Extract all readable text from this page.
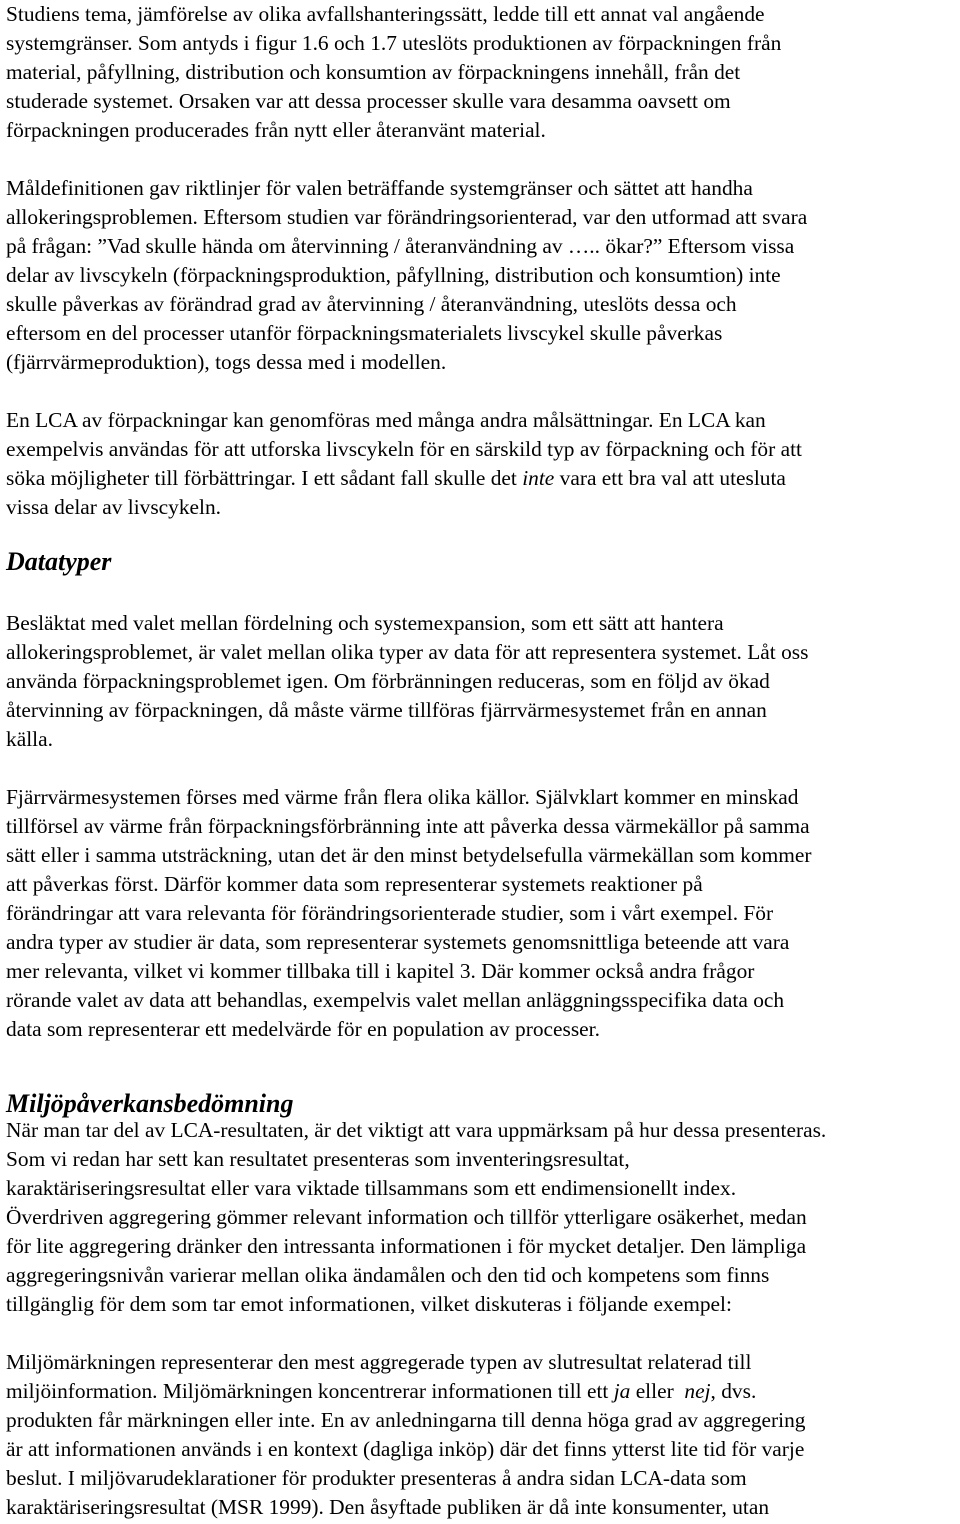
Studiens tema, jämförelse av olika avfallshanteringssätt, ledde till ett annat val angående
systemgränser. Som antyds i figur 1.6 och 1.7 uteslöts produktionen av förpackningen från
material, påfyllning, distribution och konsumtion av förpackningens innehåll, från det
studerade systemet. Orsaken var att dessa processer skulle vara desamma oavsett om
förpackningen producerades från nytt eller återanvänt material.

Måldefinitionen gav riktlinjer för valen beträffande systemgränser och sättet att handha
allokeringsproblemen. Eftersom studien var förändringsorienterad, var den utformad att svara
på frågan: ”Vad skulle hända om återvinning / återanvändning av ….. ökar?” Eftersom vissa
delar av livscykeln (förpackningsproduktion, påfyllning, distribution och konsumtion) inte
skulle påverkas av förändrad grad av återvinning / återanvändning, uteslöts dessa och
eftersom en del processer utanför förpackningsmaterialets livscykel skulle påverkas
(fjärrvärmeproduktion), togs dessa med i modellen.

En LCA av förpackningar kan genomföras med många andra målsättningar. En LCA kan
exempelvis användas för att utforska livscykeln för en särskild typ av förpackning och för att
söka möjligheter till förbättringar. I ett sådant fall skulle det inte vara ett bra val att utesluta
vissa delar av livscykeln.

Datatyper

Besläktat med valet mellan fördelning och systemexpansion, som ett sätt att hantera
allokeringsproblemet, är valet mellan olika typer av data för att representera systemet. Låt oss
använda förpackningsproblemet igen. Om förbränningen reduceras, som en följd av ökad
återvinning av förpackningen, då måste värme tillföras fjärrvärmesystemet från en annan
källa.

Fjärrvärmesystemen förses med värme från flera olika källor. Självklart kommer en minskad
tillförsel av värme från förpackningsförbränning inte att påverka dessa värmekällor på samma
sätt eller i samma utsträckning, utan det är den minst betydelsefulla värmekällan som kommer
att påverkas först. Därför kommer data som representerar systemets reaktioner på
förändringar att vara relevanta för förändringsorienterade studier, som i vårt exempel. För
andra typer av studier är data, som representerar systemets genomsnittliga beteende att vara
mer relevanta, vilket vi kommer tillbaka till i kapitel 3. Där kommer också andra frågor
rörande valet av data att behandlas, exempelvis valet mellan anläggningsspecifika data och
data som representerar ett medelvärde för en population av processer.

Miljöpåverkansbedömning

När man tar del av LCA-resultaten, är det viktigt att vara uppmärksam på hur dessa presenteras.
Som vi redan har sett kan resultatet presenteras som inventeringsresultat,
karaktäriseringsresultat eller vara viktade tillsammans som ett endimensionellt index.
Överdriven aggregering gömmer relevant information och tillför ytterligare osäkerhet, medan
för lite aggregering dränker den intressanta informationen i för mycket detaljer. Den lämpliga
aggregeringsnivån varierar mellan olika ändamålen och den tid och kompetens som finns
tillgänglig för dem som tar emot informationen, vilket diskuteras i följande exempel:

Miljömärkningen representerar den mest aggregerade typen av slutresultat relaterad till
miljöinformation. Miljömärkningen koncentrerar informationen till ett ja eller  nej, dvs.
produkten får märkningen eller inte. En av anledningarna till denna höga grad av aggregering
är att informationen används i en kontext (dagliga inköp) där det finns ytterst lite tid för varje
beslut. I miljövarudeklarationer för produkter presenteras å andra sidan LCA-data som
karaktäriseringsresultat (MSR 1999). Den åsyftade publiken är då inte konsumenter, utan
